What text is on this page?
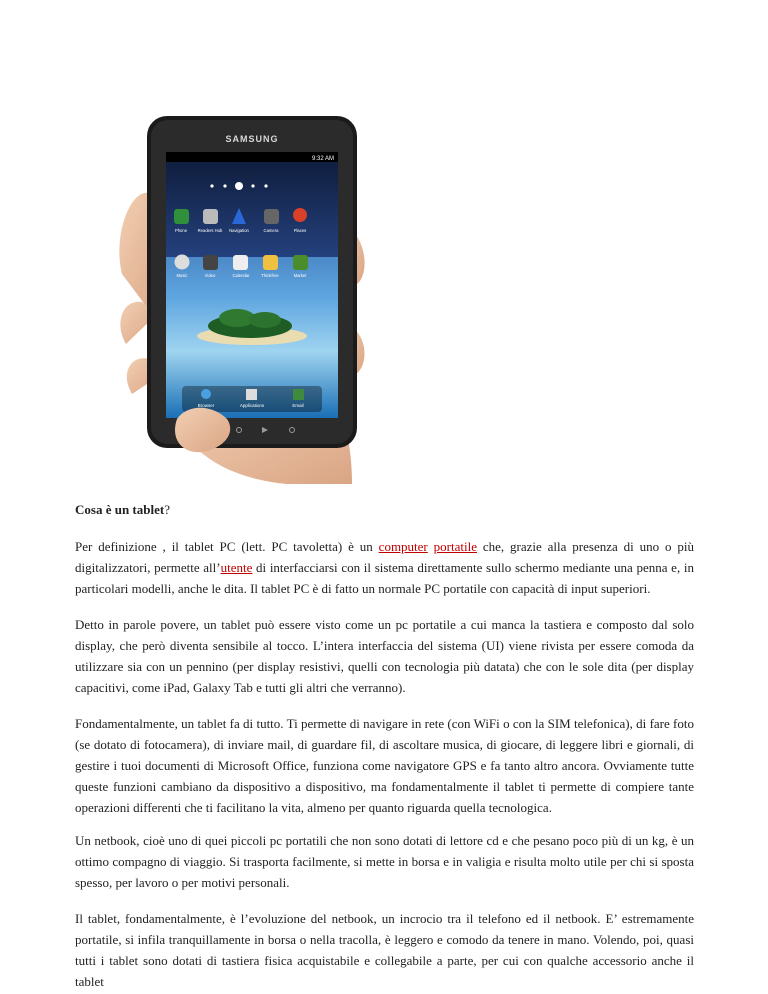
SAMSUNG
9:32 AM
Phone	Readers Hub Navigation	Camera	Places
Music	Video	Calendar	Thinkfree	Market
Browser	Applications	Email

Cosa è un tablet?

Per definizione , il tablet PC (lett. PC tavoletta) è un computer portatile che, grazie alla presenza di uno o più digitalizzatori, permette all’utente di interfacciarsi con il sistema direttamente sullo schermo mediante una penna e, in particolari modelli, anche le dita. Il tablet PC è di fatto un normale PC portatile con capacità di input superiori.

Detto in parole povere, un tablet può essere visto come un pc portatile a cui manca la tastiera e composto dal solo display, che però diventa sensibile al tocco. L’intera interfaccia del sistema (UI) viene rivista per essere comoda da utilizzare sia con un pennino (per display resistivi, quelli con tecnologia più datata) che con le sole dita (per display capacitivi, come iPad, Galaxy Tab e tutti gli altri che verranno).

Fondamentalmente, un tablet fa di tutto. Ti permette di navigare in rete (con WiFi o con la SIM telefonica), di fare foto (se dotato di fotocamera), di inviare mail, di guardare fil, di ascoltare musica, di giocare, di leggere libri e giornali, di gestire i tuoi documenti di Microsoft Office, funziona come navigatore GPS e fa tanto altro ancora. Ovviamente tutte queste funzioni cambiano da dispositivo a dispositivo, ma fondamentalmente il tablet ti permette di compiere tante operazioni differenti che ti facilitano la vita, almeno per quanto riguarda quella tecnologica.

Un netbook, cioè uno di quei piccoli pc portatili che non sono dotati di lettore cd e che pesano poco più di un kg, è un ottimo compagno di viaggio. Si trasporta facilmente, si mette in borsa e in valigia e risulta molto utile per chi si sposta spesso, per lavoro o per motivi personali.

Il tablet, fondamentalmente, è l’evoluzione del netbook, un incrocio tra il telefono ed il netbook. E’ estremamente portatile, si infila tranquillamente in borsa o nella tracolla, è leggero e comodo da tenere in mano. Volendo, poi, quasi tutti i tablet sono dotati di tastiera fisica acquistabile e collegabile a parte, per cui con qualche accessorio anche il tablet
